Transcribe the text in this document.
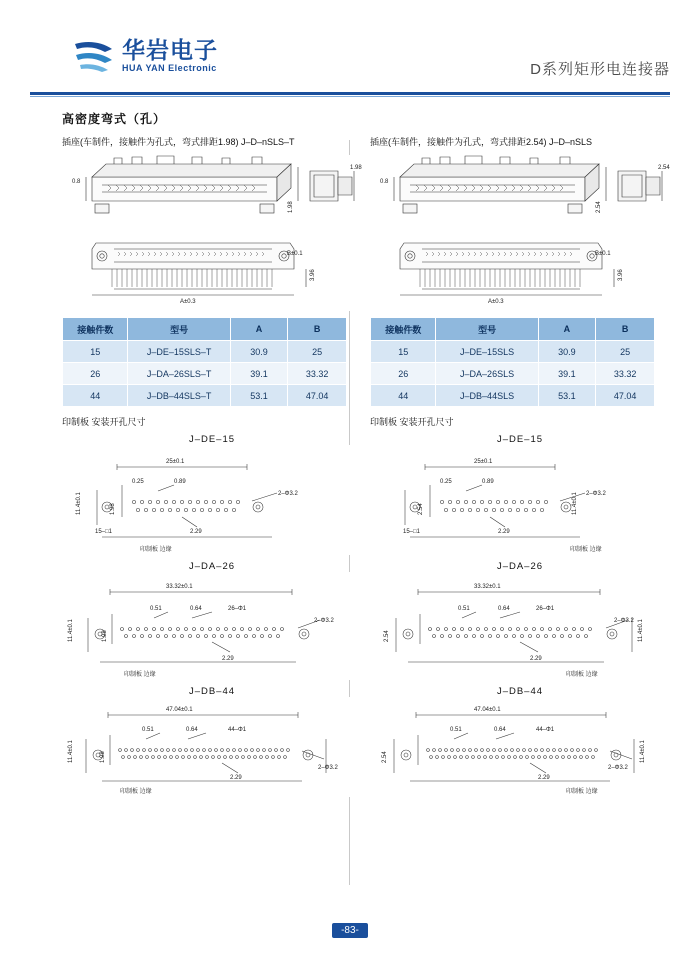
华岩电子
HUA YAN Electronic	D系列矩形电连接器
高密度弯式（孔）
插座(车制件，接触件为孔式，弯式排距1.98) J–D–nSLS–T
0.8
1.98
1.98
B±0.1
3.96
A±0.3
接触件数	型号	A	B
15	J–DE–15SLS–T	30.9	25
26	J–DA–26SLS–T	39.1	33.32
44	J–DB–44SLS–T	53.1	47.04
印制板 安装开孔尺寸
J–DE–15
25±0.1
11.4±0.1	1.98
0.25	0.89
15–□1	2.29
2–Φ3.2
印制板 边缘
J–DA–26
33.32±0.1
11.4±0.1	1.98
0.51	0.64	26–Φ1
2.29
2–Φ3.2
印制板 边缘
J–DB–44
47.04±0.1
11.4±0.1	1.98
0.51	0.64	44–Φ1
2.29
2–Φ3.2
印制板 边缘
插座(车制件，接触件为孔式，弯式排距2.54) J–D–nSLS
0.8
2.54
2.54
B±0.1
3.96
A±0.3
接触件数	型号	A	B
15	J–DE–15SLS	30.9	25
26	J–DA–26SLS	39.1	33.32
44	J–DB–44SLS	53.1	47.04
印制板 安装开孔尺寸
J–DE–15
25±0.1
2.54	11.4±0.1
0.25	0.89
15–□1	2.29
2–Φ3.2
印制板 边缘
J–DA–26
33.32±0.1
2.54	11.4±0.1
0.51	0.64	26–Φ1
2.29
2–Φ3.2
印制板 边缘
J–DB–44
47.04±0.1
2.54	11.4±0.1
0.51	0.64	44–Φ1
2.29
2–Φ3.2
印制板 边缘
-83-
